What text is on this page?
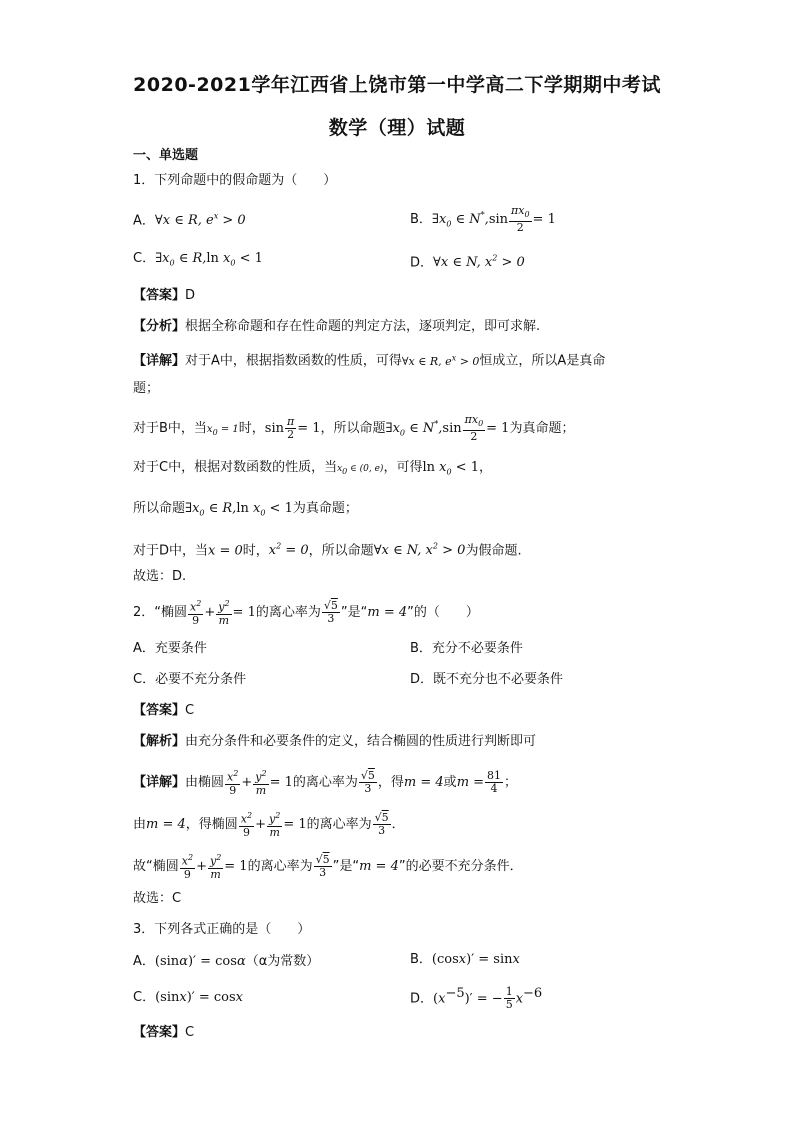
2020-2021学年江西省上饶市第一中学高二下学期期中考试
数学（理）试题
一、单选题
1．下列命题中的假命题为（　　）
A．∀x ∈ R, $e^x > 0$	B．$\exists x_0$ ∈ $N^*,\sin \frac{\pi x_0}{2} = 1$
C．$\exists x_0$ ∈ R,ln $x_0 < 1$	D．∀x ∈ N, $x^2 > 0$
【答案】D
【分析】根据全称命题和存在性命题的判定方法，逐项判定，即可求解.
【详解】对于A中，根据指数函数的性质，可得∀x ∈ R, $e^x > 0$恒成立，所以A是真命
题；
对于B中，当$x_0 = 1$时，$\sin \frac{\pi}{2} = 1$，所以命题$\exists x_0$ ∈ $N^*,\sin \frac{\pi x_0}{2} = 1$为真命题；
对于C中，根据对数函数的性质，当$x_0$ ∈ (0, e)，可得$\ln x_0 < 1$，
所以命题$\exists x_0$ ∈ R,ln $x_0 < 1$为真命题；
对于D中，当x = 0时，$x^2 = 0$，所以命题∀x ∈ N, $x^2 > 0$为假命题.
故选：D.
2．“椭圆 $\frac{x^2}{9} + \frac{y^2}{m} = 1$的离心率为 $\frac{√5}{3}$ ”是“m = 4”的（　　）
A．充要条件	B．充分不必要条件
C．必要不充分条件	D．既不充分也不必要条件
【答案】C
【解析】由充分条件和必要条件的定义，结合椭圆的性质进行判断即可
【详解】由椭圆 $\frac{x^2}{9} + \frac{y^2}{m} = 1$的离心率为 $\frac{√5}{3}$ ，得m = 4或$m = \frac{81}{4}$ ；
由m = 4，得椭圆 $\frac{x^2}{9} + \frac{y^2}{m} = 1$的离心率为 $\frac{√5}{3}$ ．
故“椭圆 $\frac{x^2}{9} + \frac{y^2}{m} = 1$的离心率为 $\frac{√5}{3}$ ”是“m = 4”的必要不充分条件．
故选：C
3．下列各式正确的是（　　）
A．(sinα)′ = cosα（α为常数）	B．(cosx)′ = sinx
C．(sinx)′ = cosx	D．$(x^{-5})'$ = − $\frac{1}{5} x^{-6}$
【答案】C
